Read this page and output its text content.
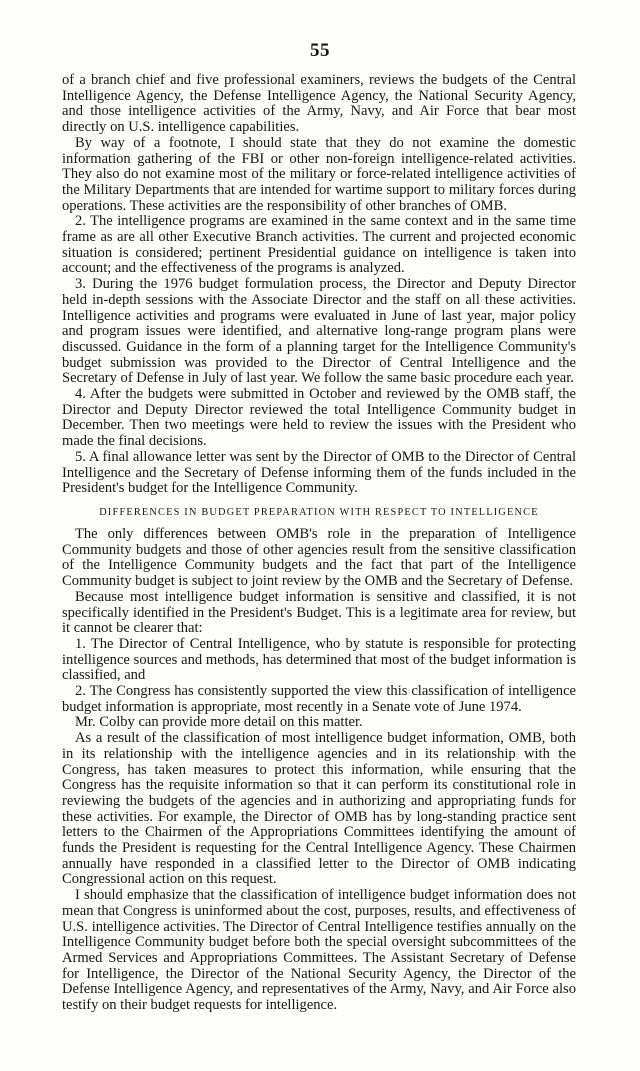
55

of a branch chief and five professional examiners, reviews the budgets of the Central Intelligence Agency, the Defense Intelligence Agency, the National Security Agency, and those intelligence activities of the Army, Navy, and Air Force that bear most directly on U.S. intelligence capabilities.

By way of a footnote, I should state that they do not examine the domestic information gathering of the FBI or other non-foreign intelligence-related activities. They also do not examine most of the military or force-related intelligence activities of the Military Departments that are intended for wartime support to military forces during operations. These activities are the responsibility of other branches of OMB.

2. The intelligence programs are examined in the same context and in the same time frame as are all other Executive Branch activities. The current and projected economic situation is considered; pertinent Presidential guidance on intelligence is taken into account; and the effectiveness of the programs is analyzed.

3. During the 1976 budget formulation process, the Director and Deputy Director held in-depth sessions with the Associate Director and the staff on all these activities. Intelligence activities and programs were evaluated in June of last year, major policy and program issues were identified, and alternative long-range program plans were discussed. Guidance in the form of a planning target for the Intelligence Community's budget submission was provided to the Director of Central Intelligence and the Secretary of Defense in July of last year. We follow the same basic procedure each year.

4. After the budgets were submitted in October and reviewed by the OMB staff, the Director and Deputy Director reviewed the total Intelligence Community budget in December. Then two meetings were held to review the issues with the President who made the final decisions.

5. A final allowance letter was sent by the Director of OMB to the Director of Central Intelligence and the Secretary of Defense informing them of the funds included in the President's budget for the Intelligence Community.

DIFFERENCES IN BUDGET PREPARATION WITH RESPECT TO INTELLIGENCE

The only differences between OMB's role in the preparation of Intelligence Community budgets and those of other agencies result from the sensitive classification of the Intelligence Community budgets and the fact that part of the Intelligence Community budget is subject to joint review by the OMB and the Secretary of Defense.

Because most intelligence budget information is sensitive and classified, it is not specifically identified in the President's Budget. This is a legitimate area for review, but it cannot be clearer that:

1. The Director of Central Intelligence, who by statute is responsible for protecting intelligence sources and methods, has determined that most of the budget information is classified, and

2. The Congress has consistently supported the view this classification of intelligence budget information is appropriate, most recently in a Senate vote of June 1974.

Mr. Colby can provide more detail on this matter.

As a result of the classification of most intelligence budget information, OMB, both in its relationship with the intelligence agencies and in its relationship with the Congress, has taken measures to protect this information, while ensuring that the Congress has the requisite information so that it can perform its constitutional role in reviewing the budgets of the agencies and in authorizing and appropriating funds for these activities. For example, the Director of OMB has by long-standing practice sent letters to the Chairmen of the Appropriations Committees identifying the amount of funds the President is requesting for the Central Intelligence Agency. These Chairmen annually have responded in a classified letter to the Director of OMB indicating Congressional action on this request.

I should emphasize that the classification of intelligence budget information does not mean that Congress is uninformed about the cost, purposes, results, and effectiveness of U.S. intelligence activities. The Director of Central Intelligence testifies annually on the Intelligence Community budget before both the special oversight subcommittees of the Armed Services and Appropriations Committees. The Assistant Secretary of Defense for Intelligence, the Director of the National Security Agency, the Director of the Defense Intelligence Agency, and representatives of the Army, Navy, and Air Force also testify on their budget requests for intelligence.
